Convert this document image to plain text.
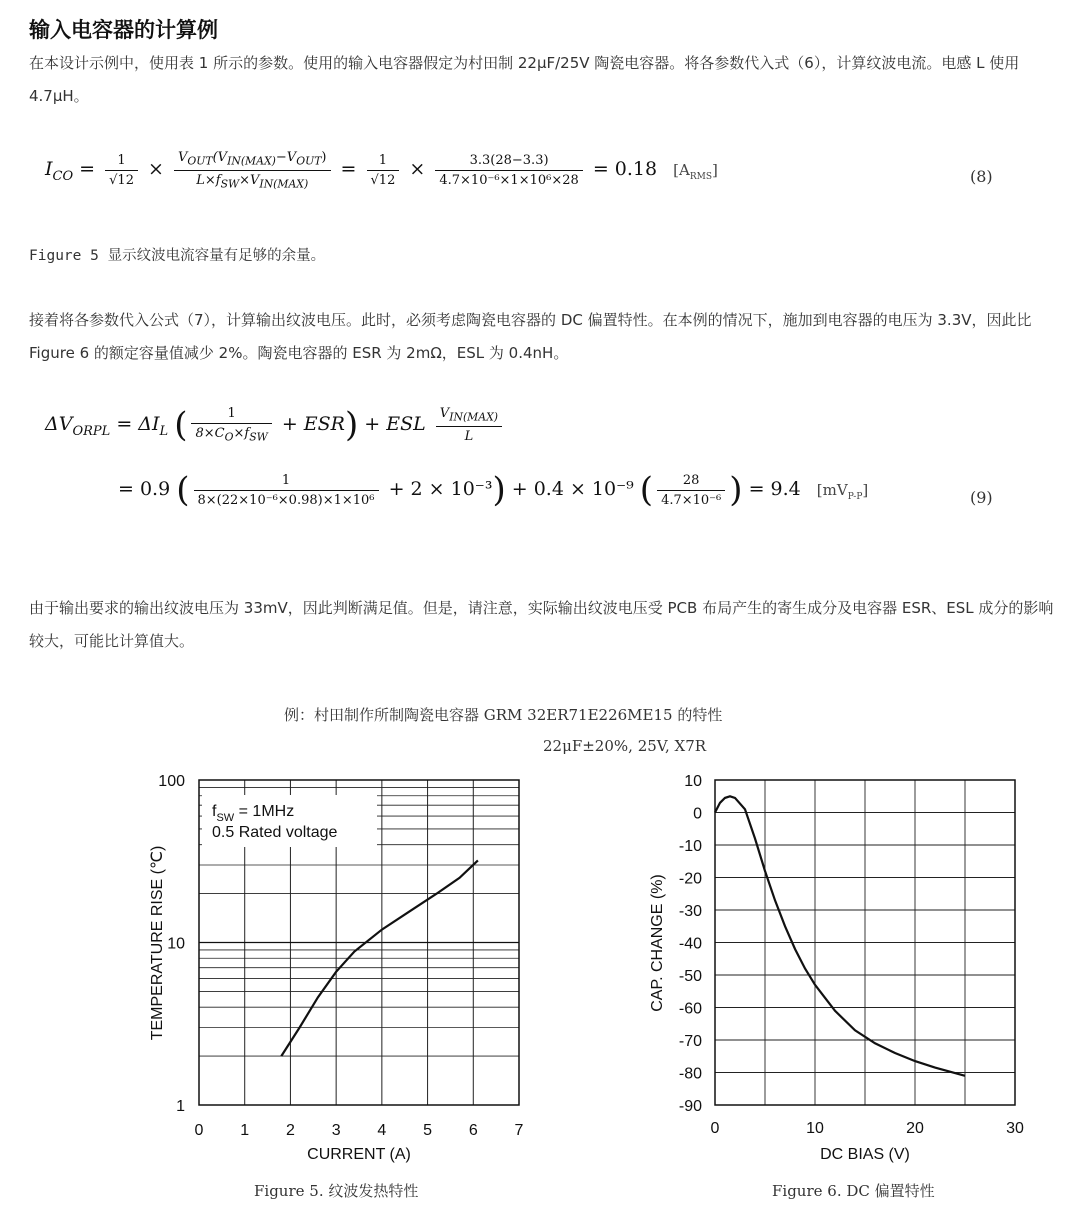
输入电容器的计算例
在本设计示例中，使用表 1 所示的参数。使用的输入电容器假定为村田制 22μF/25V 陶瓷电容器。将各参数代入式（6），计算纹波电流。电感 L 使用 4.7μH。
$I_{CO} = \frac{1}{√12} \times \frac{V_{OUT}(V_{IN(MAX)}-V_{OUT})}{L\times f_{SW}\times V_{IN(MAX)}} = \frac{1}{√12} \times \frac{3.3(28-3.3)}{\text{4.7×10⁻⁶×1×10⁶×28}} = 0.18$ $[A_{RMS}]$	(8)
Figure 5 显示纹波电流容量有足够的余量。
接着将各参数代入公式（7），计算输出纹波电压。此时，必须考虑陶瓷电容器的 DC 偏置特性。在本例的情况下，施加到电容器的电压为 3.3V，因此比 Figure 6 的额定容量值减少 2%。陶瓷电容器的 ESR 为 2mΩ，ESL 为 0.4nH。
$\Delta V_{ORPL} = \Delta I_L$ ( $\frac{1}{8\times C_O\times f_{SW}} + ESR$) + ESL $\frac{V_{IN(MAX)}}{L}$
= 0.9 ( $\frac{1}{\text{8×(22×10⁻⁶×0.98)×1×10⁶}} + 2 \times 10^{-3}) + 0.4 \times 10^{-9}$ ( $\frac{28}{\text{4.7×10⁻⁶}}$ ) = 9.4 $[mV_{P-P}]$	(9)
由于输出要求的输出纹波电压为 33mV，因此判断满足值。但是，请注意，实际输出纹波电压受 PCB 布局产生的寄生成分及电容器 ESR、ESL 成分的影响较大，可能比计算值大。
例：村田制作所制陶瓷电容器 GRM 32ER71E226ME15 的特性
22μF±20%, 25V, X7R
$f_{SW} = 1MHz$
0.5 Rated voltage
0 1 2 3 4 5 6 7
1
10
100
CURRENT (A)
TEMPERATURE RISE (℃)
0	10	20	30
10
0
-10
-20
-30
-40
-50
-60
-70
-80
-90
DC BIAS (V)
CAP. CHANGE (%)
Figure 5. 纹波发热特性	Figure 6. DC 偏置特性
